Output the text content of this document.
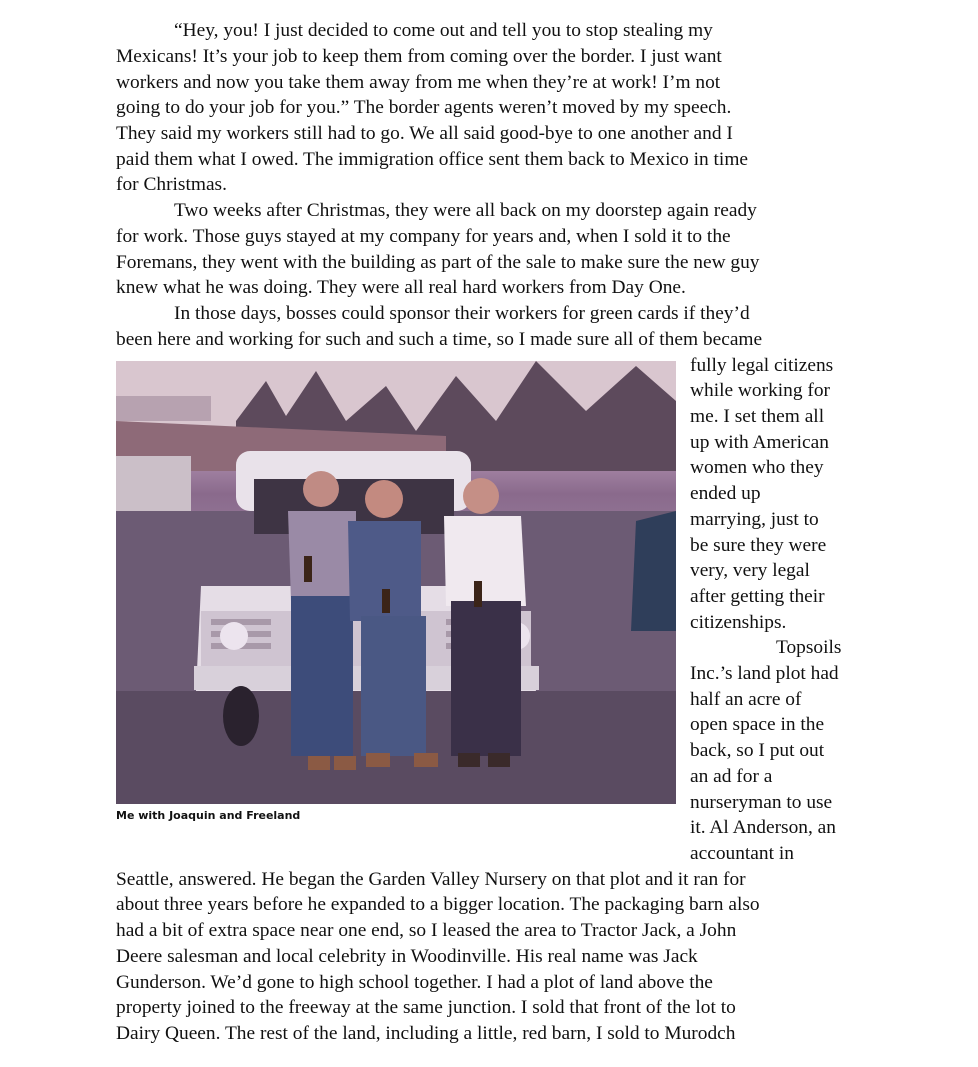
“Hey, you! I just decided to come out and tell you to stop stealing my
Mexicans! It’s your job to keep them from coming over the border. I just want
workers and now you take them away from me when they’re at work! I’m not
going to do your job for you.” The border agents weren’t moved by my speech.
They said my workers still had to go. We all said good-bye to one another and I
paid them what I owed. The immigration office sent them back to Mexico in time
for Christmas.
Two weeks after Christmas, they were all back on my doorstep again ready
for work. Those guys stayed at my company for years and, when I sold it to the
Foremans, they went with the building as part of the sale to make sure the new guy
knew what he was doing. They were all real hard workers from Day One.
In those days, bosses could sponsor their workers for green cards if they’d
been here and working for such and such a time, so I made sure all of them became
Me with Joaquin and Freeland
fully legal citizens
while working for
me. I set them all
up with American
women who they
ended up
marrying, just to
be sure they were
very, very legal
after getting their
citizenships.
Topsoils
Inc.’s land plot had
half an acre of
open space in the
back, so I put out
an ad for a
nurseryman to use
it. Al Anderson, an
accountant in
Seattle, answered. He began the Garden Valley Nursery on that plot and it ran for
about three years before he expanded to a bigger location. The packaging barn also
had a bit of extra space near one end, so I leased the area to Tractor Jack, a John
Deere salesman and local celebrity in Woodinville. His real name was Jack
Gunderson. We’d gone to high school together. I had a plot of land above the
property joined to the freeway at the same junction. I sold that front of the lot to
Dairy Queen. The rest of the land, including a little, red barn, I sold to Murodch
